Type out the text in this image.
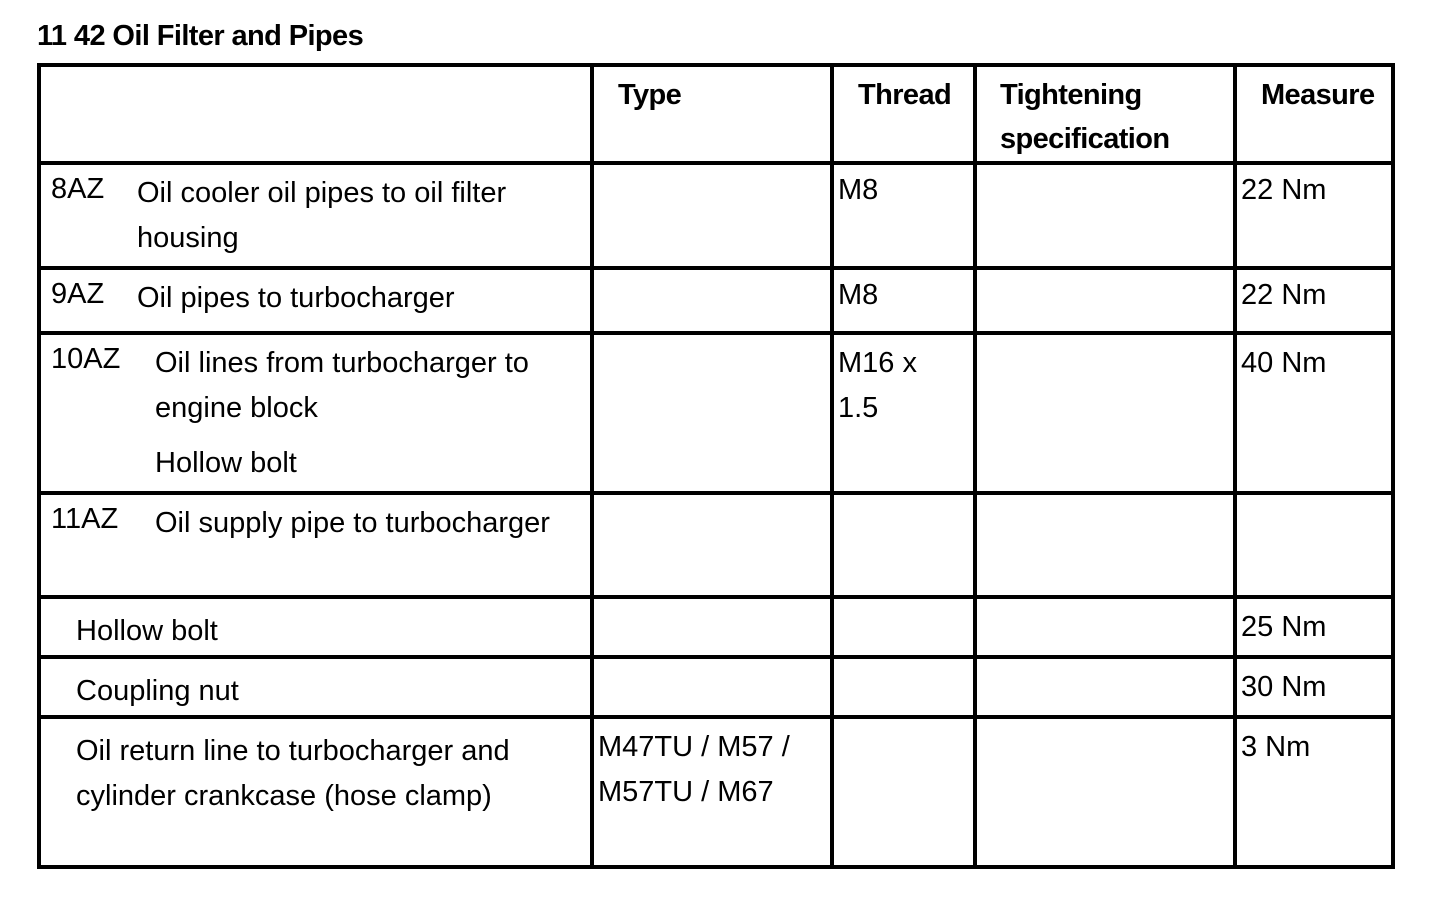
11 42 Oil Filter and Pipes
	Type	Thread	Tightening specification	Measure

8AZ Oil cooler oil pipes to oil filter housing		M8		22 Nm

9AZ Oil pipes to turbocharger		M8		22 Nm

10AZ Oil lines from turbocharger to engine block
Hollow bolt		M16 x 1.5		40 Nm

11AZ Oil supply pipe to turbocharger				

Hollow bolt				25 Nm

Coupling nut				30 Nm

Oil return line to turbocharger and cylinder crankcase (hose clamp)	M47TU / M57 / M57TU / M67			3 Nm
